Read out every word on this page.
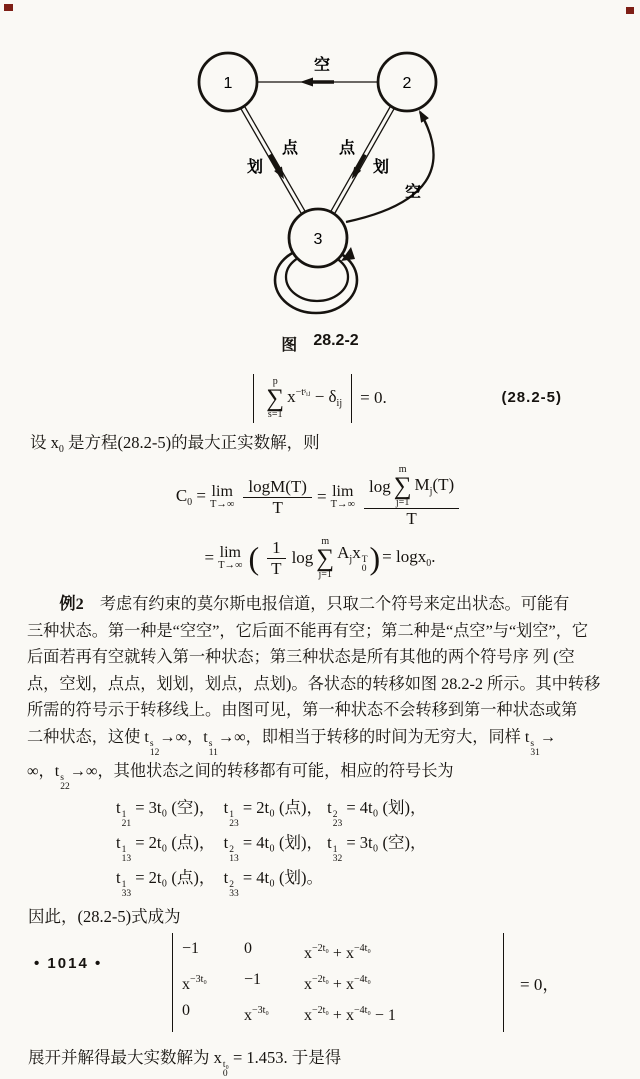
1	2
3
空
点
划
点
划
空
图 28.2-2
p
∑
s=1
$x^{-tˢᵢⱼ} - \delta_{ij} = 0$.	(28.2-5)
设 $x_0$ 是方程(28.2-5)的最大正实数解，则
$C_0 = \lim$
$T\to\infty \frac{\log M(T)}{T} = \lim$
T→∞
log
m
∑
j=1
$M_j(T)$
T
= lim
T→∞ ( $\frac{1}{T}$ log
m
∑
j=1
$A_jx$ T
0 ) = logx$_0$.
例2　考虑有约束的莫尔斯电报信道，只取二个符号来定出状态。可能有
三种状态。第一种是“空空”，它后面不能再有空；第二种是“点空”与“划空”，它
后面若再有空就转入第一种状态；第三种状态是所有其他的两个符号序 列 (空
点，空划，点点，划划，划点，点划)。各状态的转移如图 28.2-2 所示。其中转移
所需的符号示于转移线上。由图可见，第一种状态不会转移到第一种状态或第
二种状态，这使 t s
12
→∞，t s
11
→∞，即相当于转移的时间为无穷大，同样 t s
31
→
∞，t s
22
→∞，其他状态之间的转移都有可能，相应的符号长为
t 1
21
= 3t₀ (空)，　t 1
23
= 2t₀ (点)， t 2
23
= 4t₀ (划)，
t 1
13
= 2t₀ (点)，　t 2
13
= 4t₀ (划)， t 1
32
= 3t₀ (空)，
t 1
33
= 2t₀ (点)，　t 2
33
= 4t₀ (划)。
因此，(28.2-5)式成为
−1	0	$x^{-2t_0} + x^{-4t_0}$
$x^{-3t_0}$	−1	$x^{-2t_0} + x^{-4t_0}$
0	$x^{-3t_0}$	$x^{-2t_0} + x^{-4t_0} - 1$
= 0，
展开并解得最大实数解为 x t₀
0
= 1.453. 于是得
• 1014 •
